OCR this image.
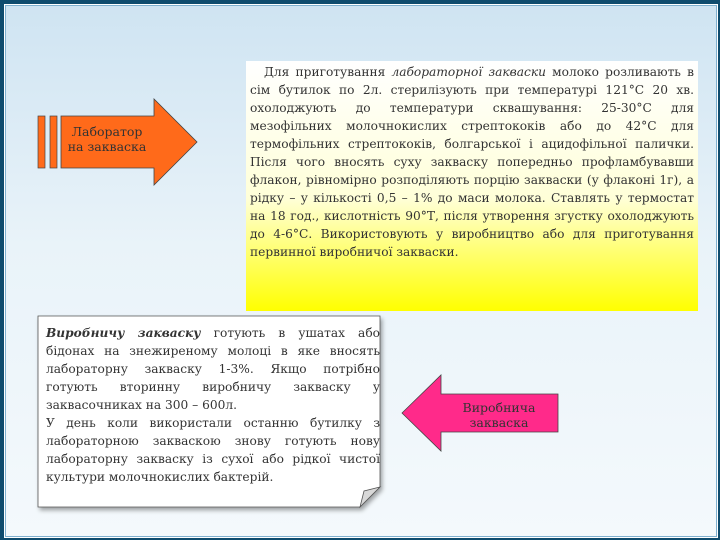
Лаборатор на закваска
Виробнича закваска

Для приготування лабораторної закваски молоко розливають в сім бутилок по 2л. стерилізують при температурі 121°С 20 хв. охолоджують до температури сквашування: 25-30°С для мезофільних молочнокислих стрептококів або до 42°С для термофільних стрептококів, болгарської і ацидофільної палички. Після чого вносять суху закваску попередньо профламбувавши флакон, рівномірно розподіляють порцію закваски (у флаконі 1г), а рідку – у кількості 0,5 – 1% до маси молока. Ставлять у термостат на 18 год., кислотність 90°Т, після утворення згустку охолоджують до 4-6°С. Використовують у виробництво або для приготування первинної виробничої закваски.

Виробничу закваску готують в ушатах або бідонах на знежиреному молоці в яке вносять лабораторну закваску 1-3%. Якщо потрібно готують вторинну виробничу закваску у заквасочниках на 300 – 600л.

У день коли використали останню бутилку з лабораторною закваскою знову готують нову лабораторну закваску із сухої або рідкої чистої культури молочнокислих бактерій.
